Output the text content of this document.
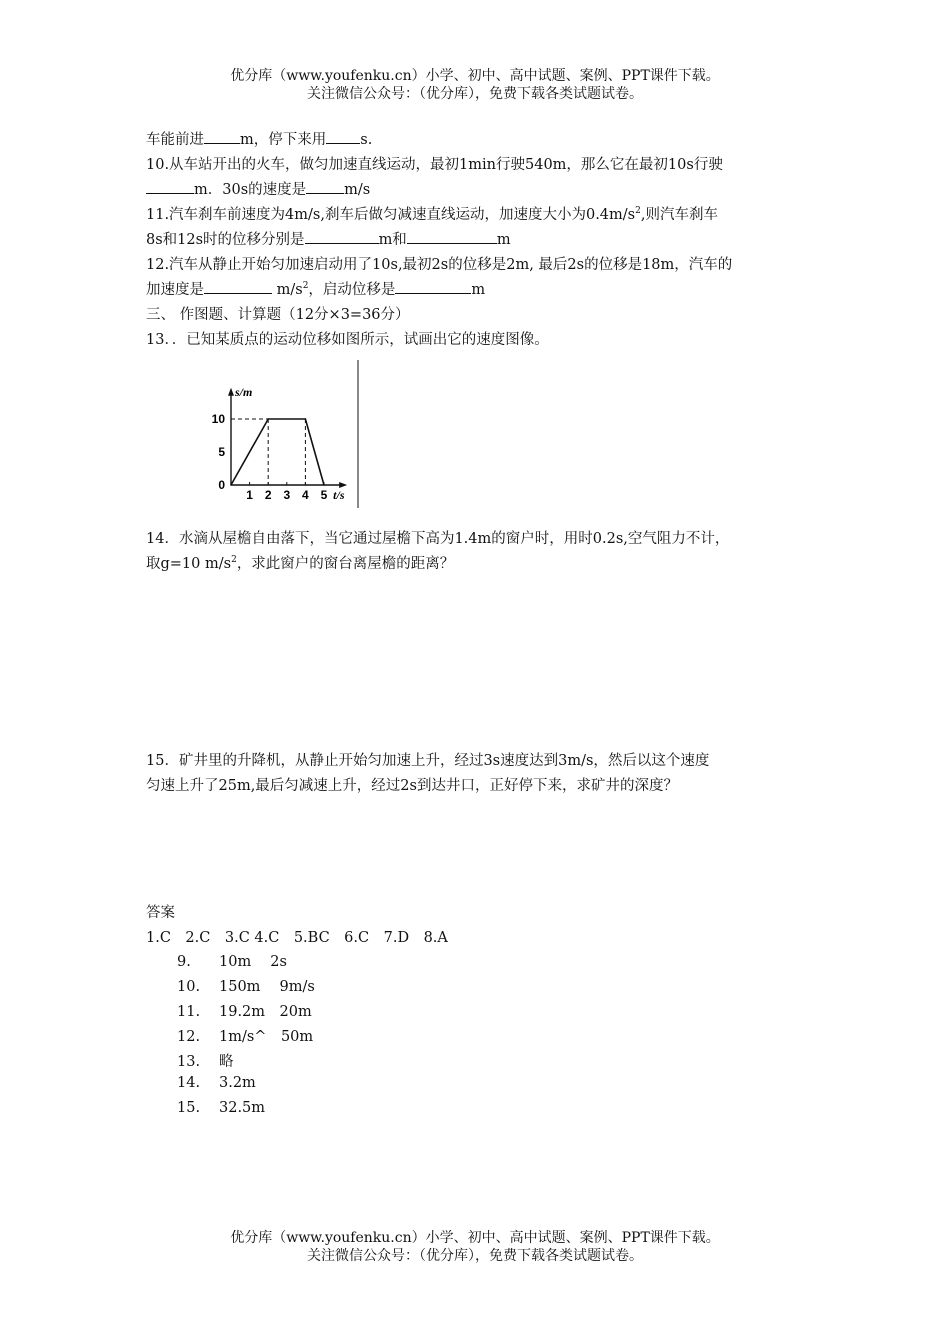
优分库（www.youfenku.cn）小学、初中、高中试题、案例、PPT课件下载。
关注微信公众号：（优分库），免费下载各类试题试卷。
车能前进 m，停下来用 s.
10.从车站开出的火车，做匀加速直线运动，最初1min行驶540m，那么它在最初10s行驶
m．30s的速度是	m/s
11.汽车刹车前速度为4m/s,刹车后做匀减速直线运动，加速度大小为$0.4m/s^2$,则汽车刹车
8s和12s时的位移分别是	m和	m
12.汽车从静止开始匀加速启动用了10s,最初2s的位移是2m, 最后2s的位移是18m，汽车的
加速度是	$m/s^2$，启动位移是	m
三、 作图题、计算题（12分×3=36分）
13．．已知某质点的运动位移如图所示，试画出它的速度图像。
s/m
t/s
1 2 3 4 5
0
5
10
14．水滴从屋檐自由落下，当它通过屋檐下高为1.4m的窗户时，用时0.2s,空气阻力不计，
取g=10 $m/s^2$，求此窗户的窗台离屋檐的距离？
15．矿井里的升降机，从静止开始匀加速上升，经过3s速度达到3m/s，然后以这个速度
匀速上升了25m,最后匀减速上升，经过2s到达井口，正好停下来，求矿井的深度？
答案
1.C　2.C　3.C 4.C　5.BC　6.C　7.D　8.A
9. 10m　 2s
10. 150m　 9m/s
11. 19.2m　20m
12. 1m/s^　50m
13. 略
14. 3.2m
15. 32.5m
优分库（www.youfenku.cn）小学、初中、高中试题、案例、PPT课件下载。
关注微信公众号：（优分库），免费下载各类试题试卷。
